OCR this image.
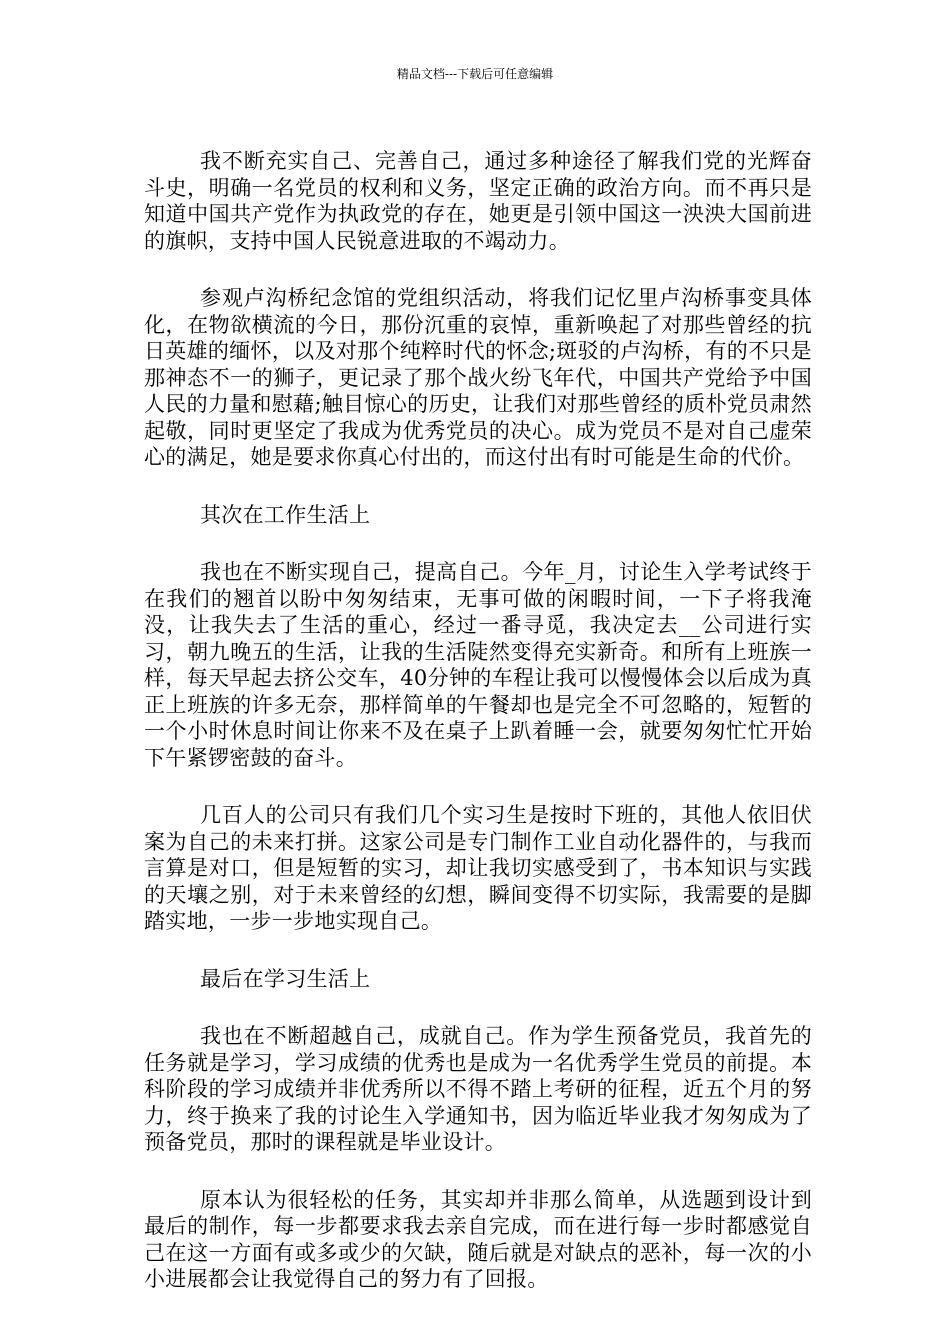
精品文档---下载后可任意编辑

我不断充实自己、完善自己，通过多种途径了解我们党的光辉奋斗史，明确一名党员的权利和义务，坚定正确的政治方向。而不再只是知道中国共产党作为执政党的存在，她更是引领中国这一泱泱大国前进的旗帜，支持中国人民锐意进取的不竭动力。

参观卢沟桥纪念馆的党组织活动，将我们记忆里卢沟桥事变具体化，在物欲横流的今日，那份沉重的哀悼，重新唤起了对那些曾经的抗日英雄的缅怀，以及对那个纯粹时代的怀念;斑驳的卢沟桥，有的不只是那神态不一的狮子，更记录了那个战火纷飞年代，中国共产党给予中国人民的力量和慰藉;触目惊心的历史，让我们对那些曾经的质朴党员肃然起敬，同时更坚定了我成为优秀党员的决心。成为党员不是对自己虚荣心的满足，她是要求你真心付出的，而这付出有时可能是生命的代价。

其次在工作生活上

我也在不断实现自己，提高自己。今年_月，讨论生入学考试终于在我们的翘首以盼中匆匆结束，无事可做的闲暇时间，一下子将我淹没，让我失去了生活的重心，经过一番寻觅，我决定去__公司进行实习，朝九晚五的生活，让我的生活陡然变得充实新奇。和所有上班族一样，每天早起去挤公交车，40分钟的车程让我可以慢慢体会以后成为真正上班族的许多无奈，那样简单的午餐却也是完全不可忽略的，短暂的一个小时休息时间让你来不及在桌子上趴着睡一会，就要匆匆忙忙开始下午紧锣密鼓的奋斗。

几百人的公司只有我们几个实习生是按时下班的，其他人依旧伏案为自己的未来打拼。这家公司是专门制作工业自动化器件的，与我而言算是对口，但是短暂的实习，却让我切实感受到了，书本知识与实践的天壤之别，对于未来曾经的幻想，瞬间变得不切实际，我需要的是脚踏实地，一步一步地实现自己。

最后在学习生活上

我也在不断超越自己，成就自己。作为学生预备党员，我首先的任务就是学习，学习成绩的优秀也是成为一名优秀学生党员的前提。本科阶段的学习成绩并非优秀所以不得不踏上考研的征程，近五个月的努力，终于换来了我的讨论生入学通知书，因为临近毕业我才匆匆成为了预备党员，那时的课程就是毕业设计。

原本认为很轻松的任务，其实却并非那么简单，从选题到设计到最后的制作，每一步都要求我去亲自完成，而在进行每一步时都感觉自己在这一方面有或多或少的欠缺，随后就是对缺点的恶补，每一次的小小进展都会让我觉得自己的努力有了回报。
